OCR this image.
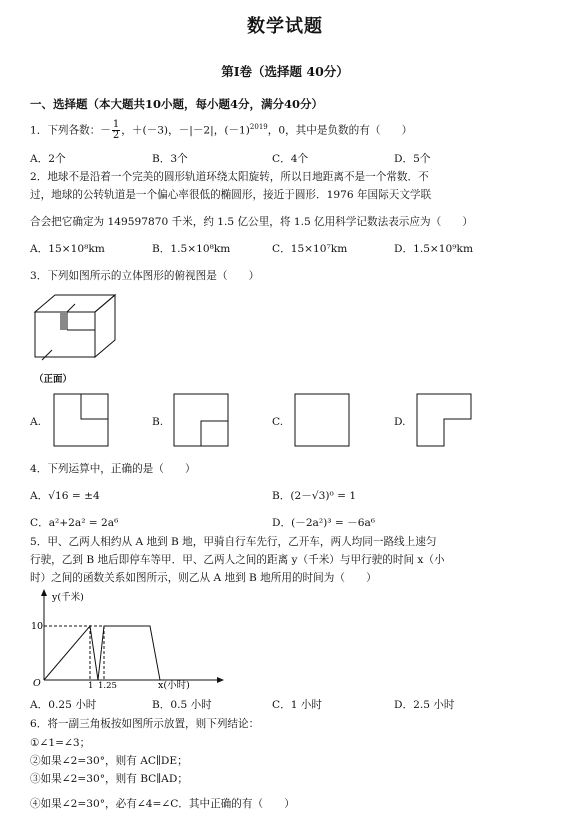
数学试题
第I卷（选择题 40分）
一、选择题（本大题共10小题，每小题4分，满分40分）
1．下列各数：－ $\frac{1}{2}$ ，＋(－3)，－|－2|，$(-1)^{2019}$，0，其中是负数的有（　　）
A．2个	B．3个	C．4个	D．5个
2．地球不是沿着一个完美的圆形轨道环绕太阳旋转，所以日地距离不是一个常数．不
过，地球的公转轨道是一个偏心率很低的椭圆形，接近于圆形．1976 年国际天文学联
合会把它确定为 149597870 千米，约 1.5 亿公里，将 1.5 亿用科学记数法表示应为（　　）
A．15×10⁸km	B．1.5×10⁸km	C．15×10⁷km	D．1.5×10⁹km
3．下列如图所示的立体图形的俯视图是（　　）
（正面）
A.	B.	C.	D.
4．下列运算中，正确的是（　　）
A．√16 = ±4	B．(2－√3)⁰ = 1
C．a²+2a² = 2a⁶	D．(－2a²)³ = －6a⁶
5．甲、乙两人相约从 A 地到 B 地，甲骑自行车先行，乙开车，两人均同一路线上速匀
行驶，乙到 B 地后即停车等甲．甲、乙两人之间的距离 y（千米）与甲行驶的时间 x（小
时）之间的函数关系如图所示，则乙从 A 地到 B 地所用的时间为（　　）
y(千米)
10
O	1 1.25	x(小时)
A．0.25 小时	B．0.5 小时	C．1 小时	D．2.5 小时
6．将一副三角板按如图所示放置，则下列结论：
①∠1=∠3；
②如果∠2=30°，则有 AC∥DE；
③如果∠2=30°，则有 BC∥AD；
④如果∠2=30°，必有∠4=∠C．其中正确的有（　　）
